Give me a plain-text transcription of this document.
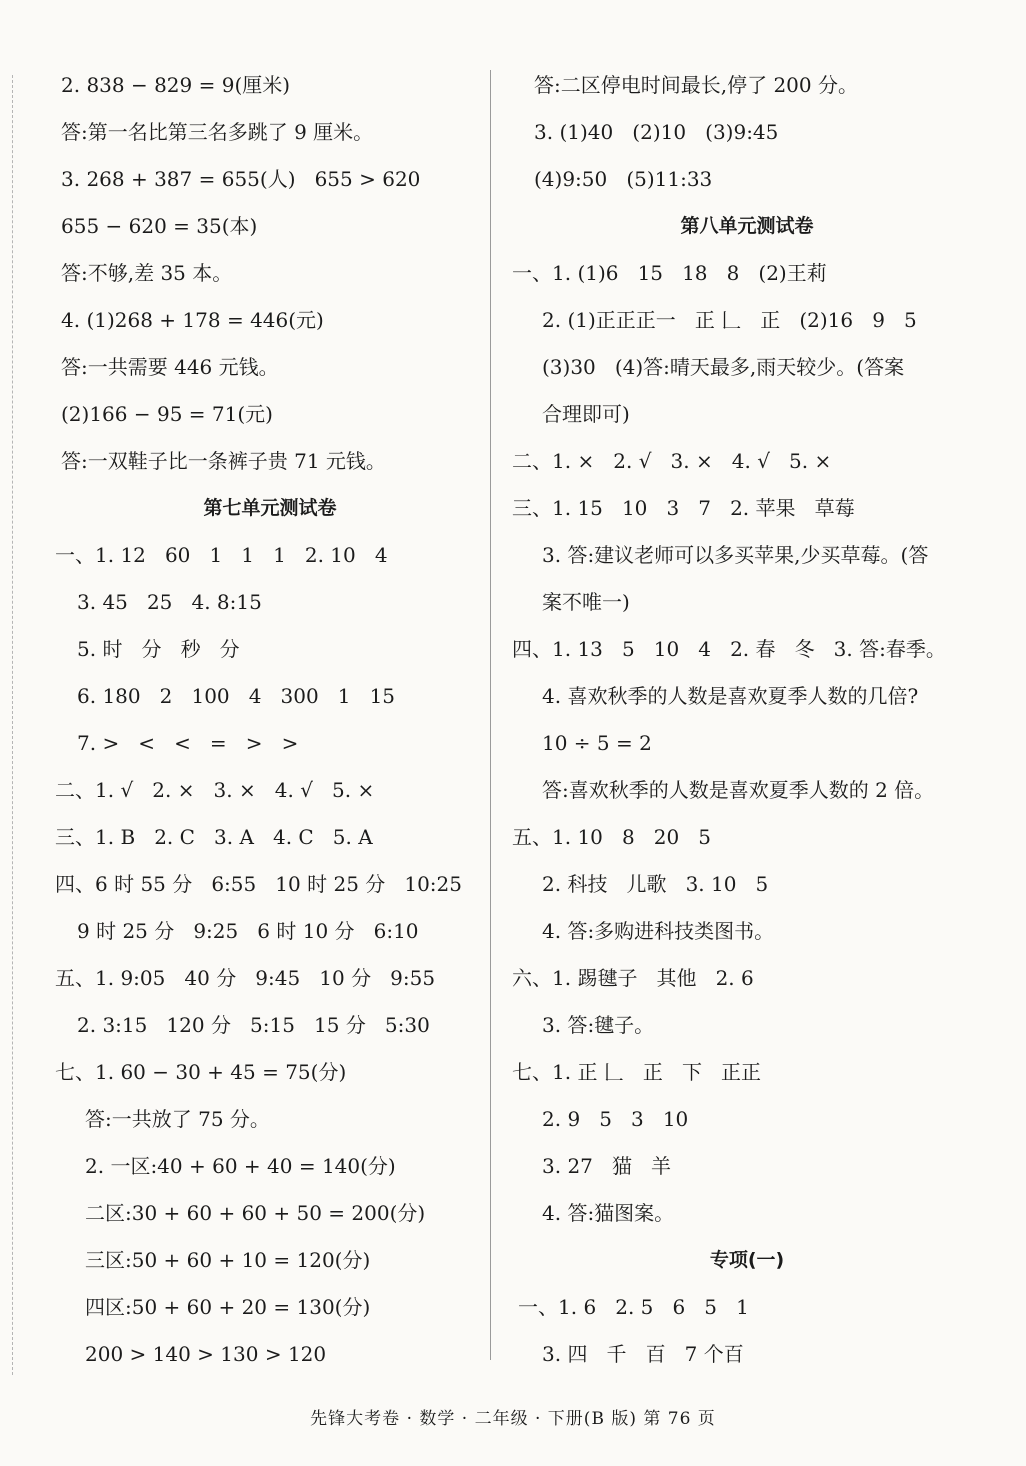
2. 838 − 829 = 9(厘米)
答:第一名比第三名多跳了 9 厘米。
3. 268 + 387 = 655(人)   655 > 620
655 − 620 = 35(本)
答:不够,差 35 本。
4. (1)268 + 178 = 446(元)
答:一共需要 446 元钱。
(2)166 − 95 = 71(元)
答:一双鞋子比一条裤子贵 71 元钱。
第七单元测试卷
一、1. 12   60   1   1   1   2. 10   4
3. 45   25   4. 8:15
5. 时   分   秒   分
6. 180   2   100   4   300   1   15
7. >   <   <   =   >   >
二、1. √   2. ×   3. ×   4. √   5. ×
三、1. B   2. C   3. A   4. C   5. A
四、6 时 55 分   6:55   10 时 25 分   10:25
9 时 25 分   9:25   6 时 10 分   6:10
五、1. 9:05   40 分   9:45   10 分   9:55
2. 3:15   120 分   5:15   15 分   5:30
七、1. 60 − 30 + 45 = 75(分)
答:一共放了 75 分。
2. 一区:40 + 60 + 40 = 140(分)
二区:30 + 60 + 60 + 50 = 200(分)
三区:50 + 60 + 10 = 120(分)
四区:50 + 60 + 20 = 130(分)
200 > 140 > 130 > 120
答:二区停电时间最长,停了 200 分。
3. (1)40   (2)10   (3)9:45
(4)9:50   (5)11:33
第八单元测试卷
一、1. (1)6   15   18   8   (2)王莉
2. (1)正正正一   正 𠃊   正   (2)16   9   5
(3)30   (4)答:晴天最多,雨天较少。(答案
合理即可)
二、1. ×   2. √   3. ×   4. √   5. ×
三、1. 15   10   3   7   2. 苹果   草莓
3. 答:建议老师可以多买苹果,少买草莓。(答
案不唯一)
四、1. 13   5   10   4   2. 春   冬   3. 答:春季。
4. 喜欢秋季的人数是喜欢夏季人数的几倍?
10 ÷ 5 = 2
答:喜欢秋季的人数是喜欢夏季人数的 2 倍。
五、1. 10   8   20   5
2. 科技   儿歌   3. 10   5
4. 答:多购进科技类图书。
六、1. 踢毽子   其他   2. 6
3. 答:毽子。
七、1. 正 𠃊   正   下   正正
2. 9   5   3   10
3. 27   猫   羊
4. 答:猫图案。
专项(一)
一、1. 6   2. 5   6   5   1
3. 四   千   百   7 个百
先锋大考卷 · 数学 · 二年级 · 下册(B 版) 第 76 页
